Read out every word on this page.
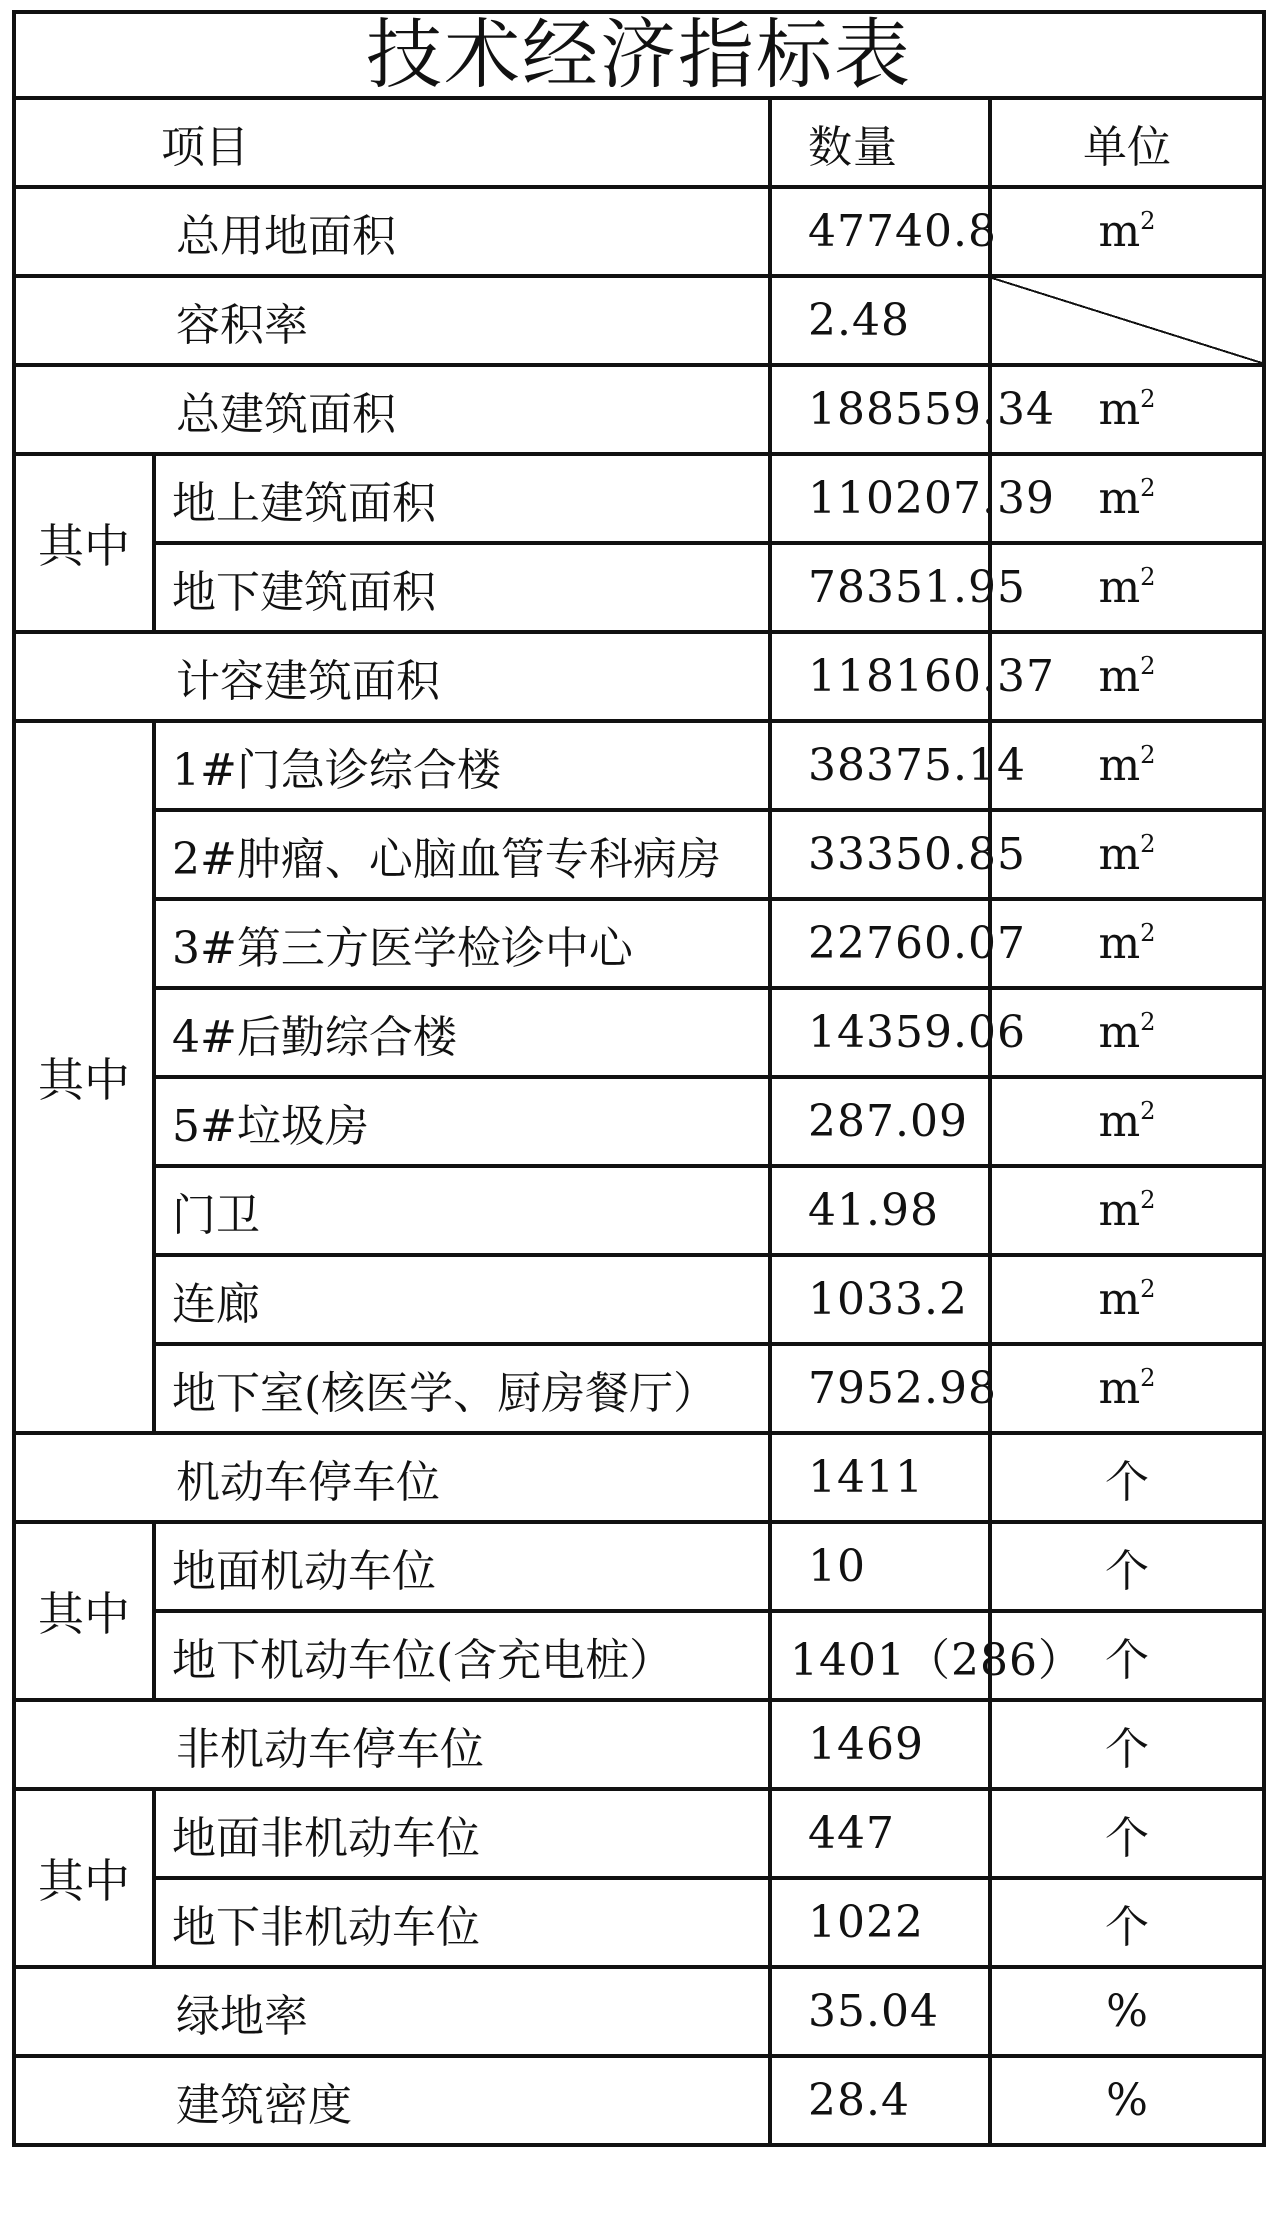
技术经济指标表			
项目		数量	单位
总用地面积		47740.8	$m^2$
容积率		2.48	
总建筑面积		188559.34	$m^2$
其中	地上建筑面积	110207.39	$m^2$
	地下建筑面积	78351.95	$m^2$
计容建筑面积		118160.37	$m^2$
其中	1#门急诊综合楼	38375.14	$m^2$
	2#肿瘤、心脑血管专科病房	33350.85	$m^2$
	3#第三方医学检诊中心	22760.07	$m^2$
	4#后勤综合楼	14359.06	$m^2$
	5#垃圾房	287.09	$m^2$
	门卫	41.98	$m^2$
	连廊	1033.2	$m^2$
	地下室(核医学、厨房餐厅）	7952.98	$m^2$
机动车停车位		1411	个
其中	地面机动车位	10	个
	地下机动车位(含充电桩）	1401（286）	个
非机动车停车位		1469	个
其中	地面非机动车位	447	个
	地下非机动车位	1022	个
绿地率		35.04	%
建筑密度		28.4	%
